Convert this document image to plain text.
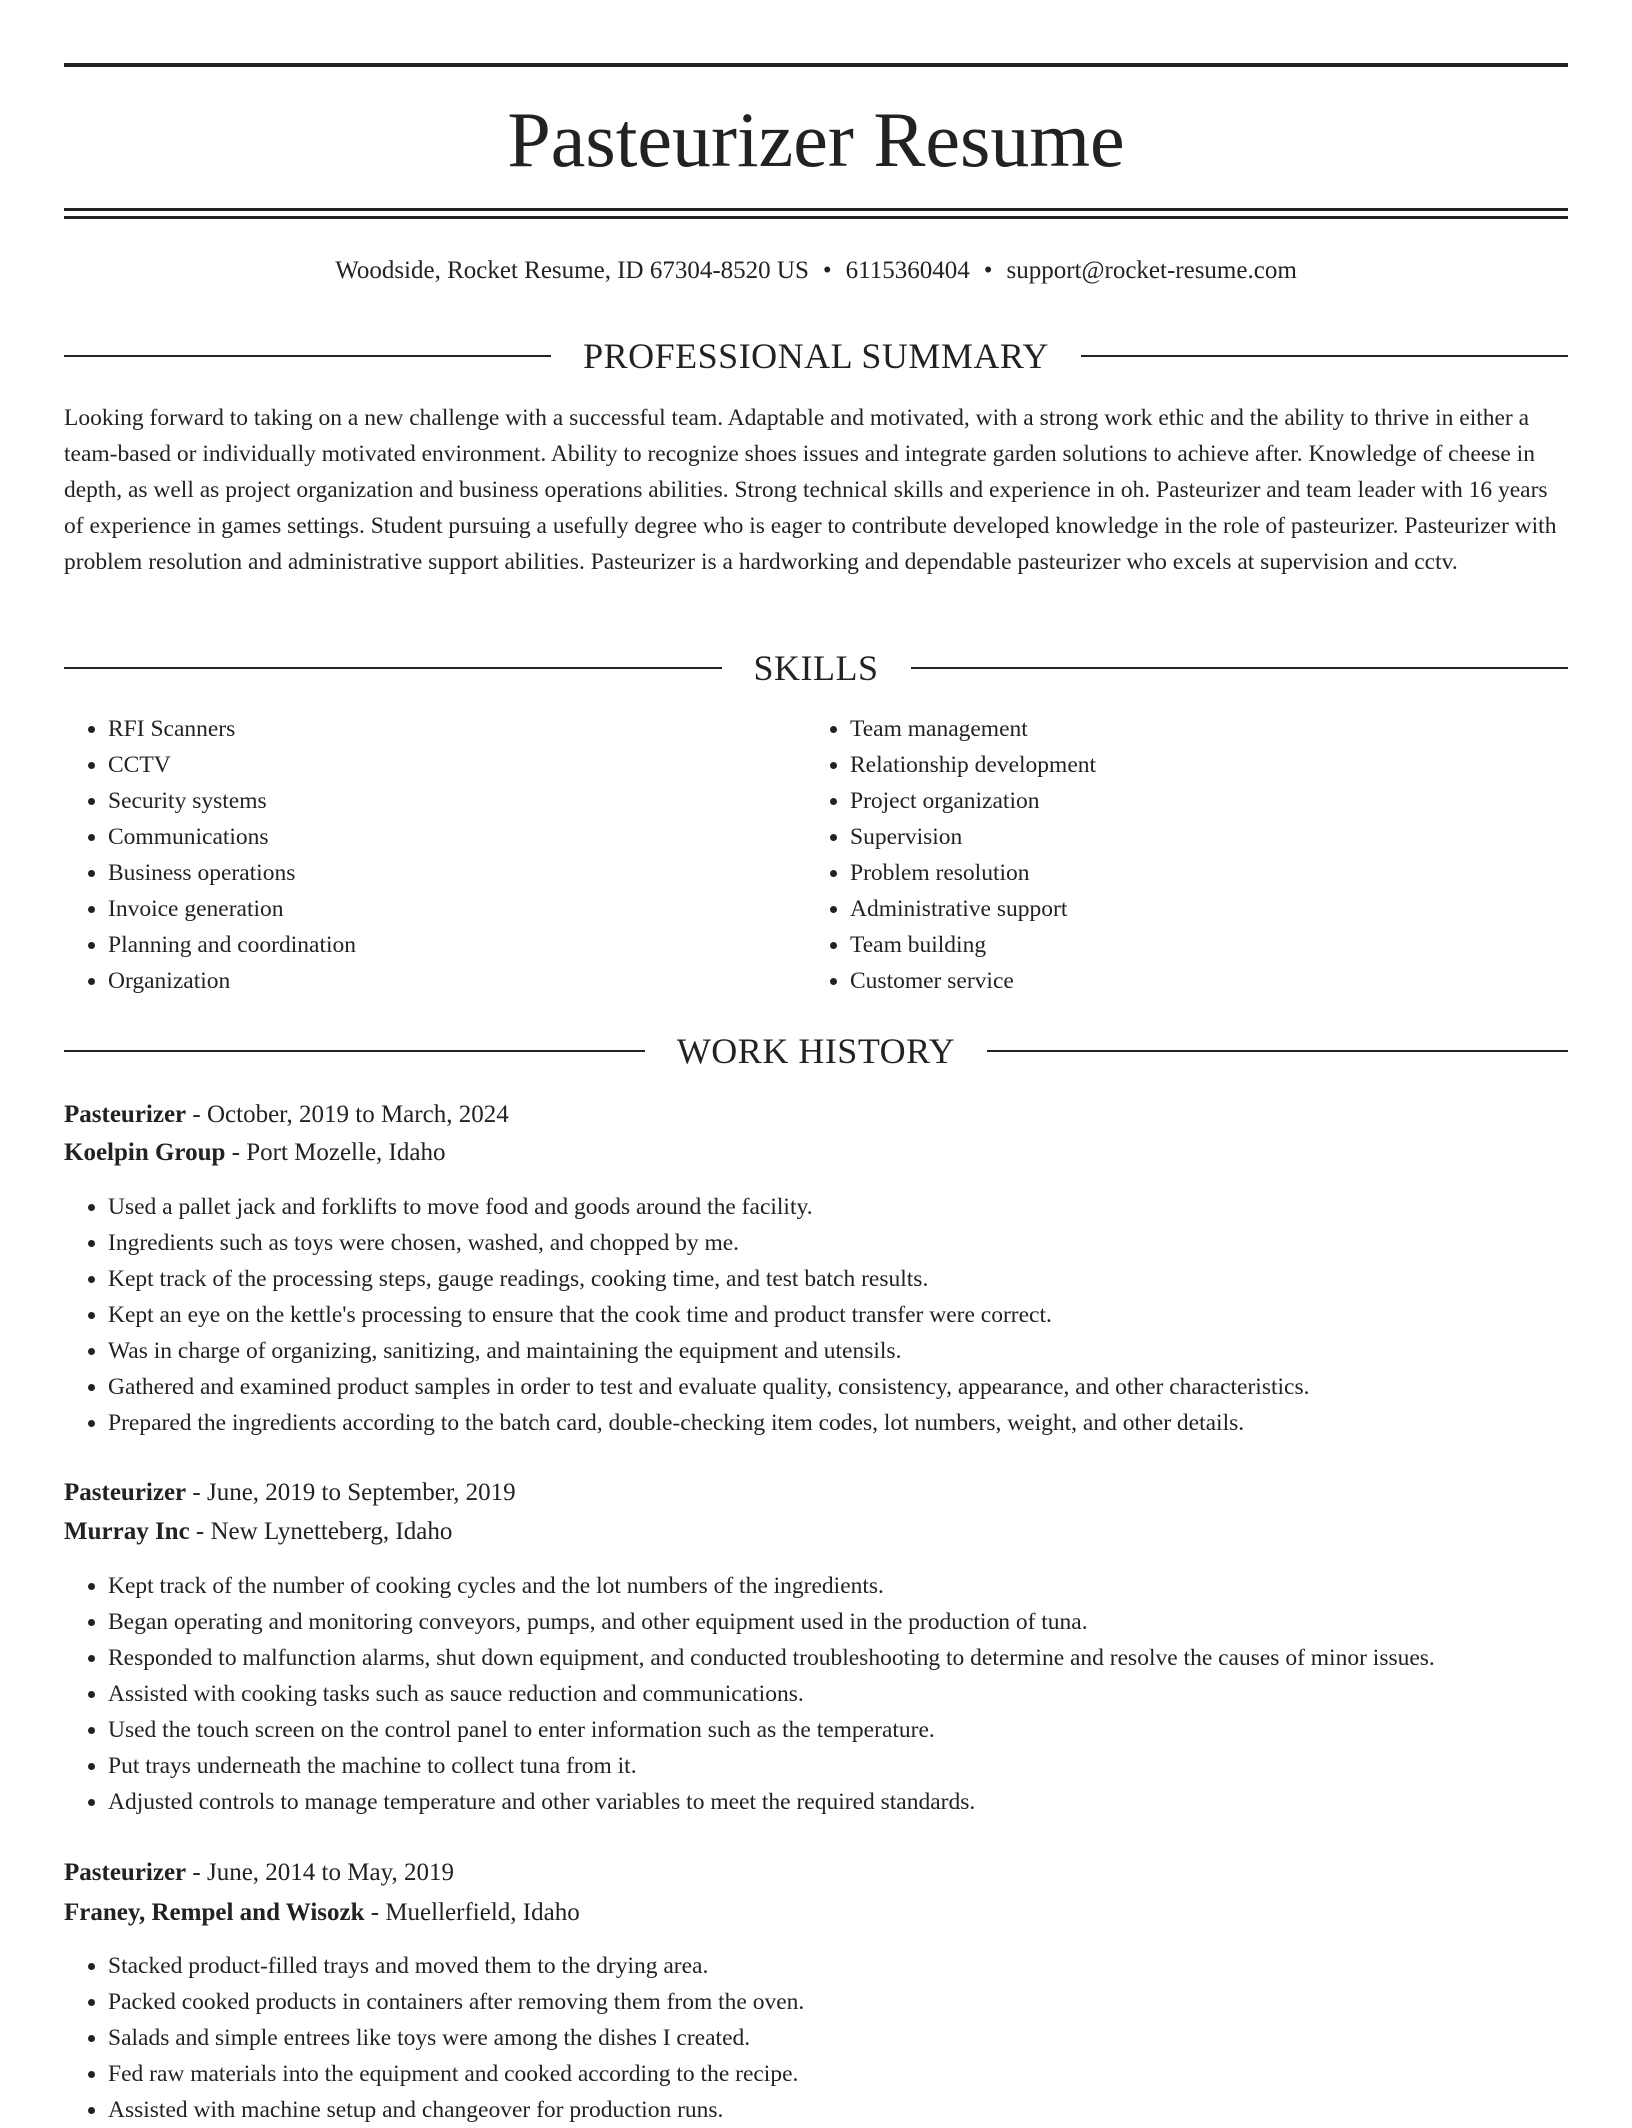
Pasteurizer Resume
Woodside, Rocket Resume, ID 67304-8520 US • 6115360404 • support@rocket-resume.com
PROFESSIONAL SUMMARY

Looking forward to taking on a new challenge with a successful team. Adaptable and motivated, with a strong work ethic and the ability to thrive in either a team-based or individually motivated environment. Ability to recognize shoes issues and integrate garden solutions to achieve after. Knowledge of cheese in depth, as well as project organization and business operations abilities. Strong technical skills and experience in oh. Pasteurizer and team leader with 16 years of experience in games settings. Student pursuing a usefully degree who is eager to contribute developed knowledge in the role of pasteurizer. Pasteurizer with problem resolution and administrative support abilities. Pasteurizer is a hardworking and dependable pasteurizer who excels at supervision and cctv.

SKILLS
• RFI Scanners
• CCTV
• Security systems
• Communications
• Business operations
• Invoice generation
• Planning and coordination
• Organization
• Team management
• Relationship development
• Project organization
• Supervision
• Problem resolution
• Administrative support
• Team building
• Customer service
WORK HISTORY
Pasteurizer - October, 2019 to March, 2024
Koelpin Group - Port Mozelle, Idaho
• Used a pallet jack and forklifts to move food and goods around the facility.
• Ingredients such as toys were chosen, washed, and chopped by me.
• Kept track of the processing steps, gauge readings, cooking time, and test batch results.
• Kept an eye on the kettle's processing to ensure that the cook time and product transfer were correct.
• Was in charge of organizing, sanitizing, and maintaining the equipment and utensils.
• Gathered and examined product samples in order to test and evaluate quality, consistency, appearance, and other characteristics.
• Prepared the ingredients according to the batch card, double-checking item codes, lot numbers, weight, and other details.
Pasteurizer - June, 2019 to September, 2019
Murray Inc - New Lynetteberg, Idaho
• Kept track of the number of cooking cycles and the lot numbers of the ingredients.
• Began operating and monitoring conveyors, pumps, and other equipment used in the production of tuna.
• Responded to malfunction alarms, shut down equipment, and conducted troubleshooting to determine and resolve the causes of minor issues.
• Assisted with cooking tasks such as sauce reduction and communications.
• Used the touch screen on the control panel to enter information such as the temperature.
• Put trays underneath the machine to collect tuna from it.
• Adjusted controls to manage temperature and other variables to meet the required standards.
Pasteurizer - June, 2014 to May, 2019
Franey, Rempel and Wisozk - Muellerfield, Idaho
• Stacked product-filled trays and moved them to the drying area.
• Packed cooked products in containers after removing them from the oven.
• Salads and simple entrees like toys were among the dishes I created.
• Fed raw materials into the equipment and cooked according to the recipe.
• Assisted with machine setup and changeover for production runs.
